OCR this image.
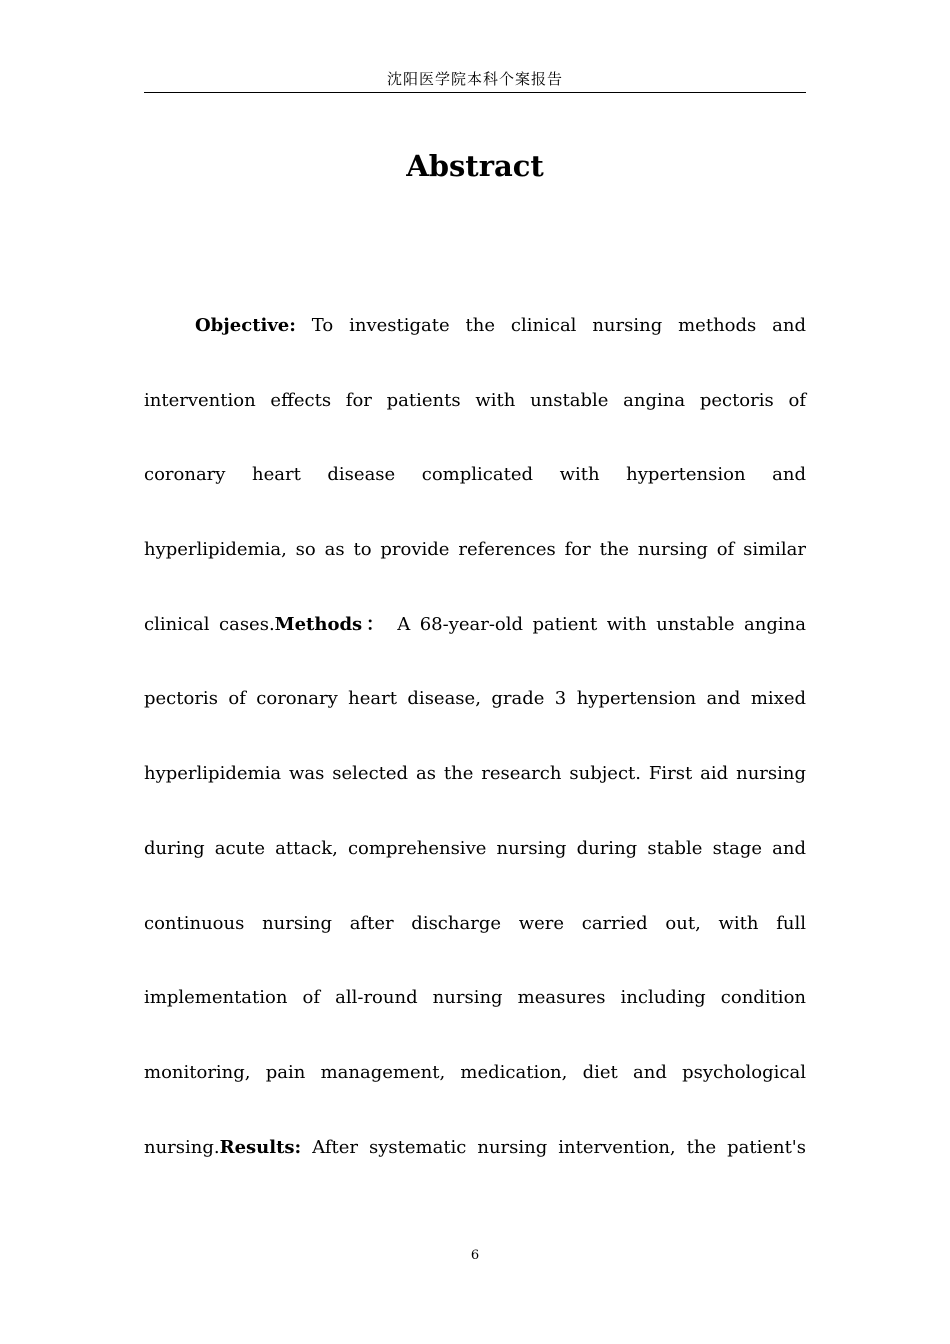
沈阳医学院本科个案报告
Abstract
Objective: To investigate the clinical nursing methods and
intervention effects for patients with unstable angina pectoris of
coronary heart disease complicated with hypertension and
hyperlipidemia, so as to provide references for the nursing of similar
clinical cases.Methods： A 68-year-old patient with unstable angina
pectoris of coronary heart disease, grade 3 hypertension and mixed
hyperlipidemia was selected as the research subject. First aid nursing
during acute attack, comprehensive nursing during stable stage and
continuous nursing after discharge were carried out, with full
implementation of all-round nursing measures including condition
monitoring, pain management, medication, diet and psychological
nursing.Results: After systematic nursing intervention, the patient's
6
